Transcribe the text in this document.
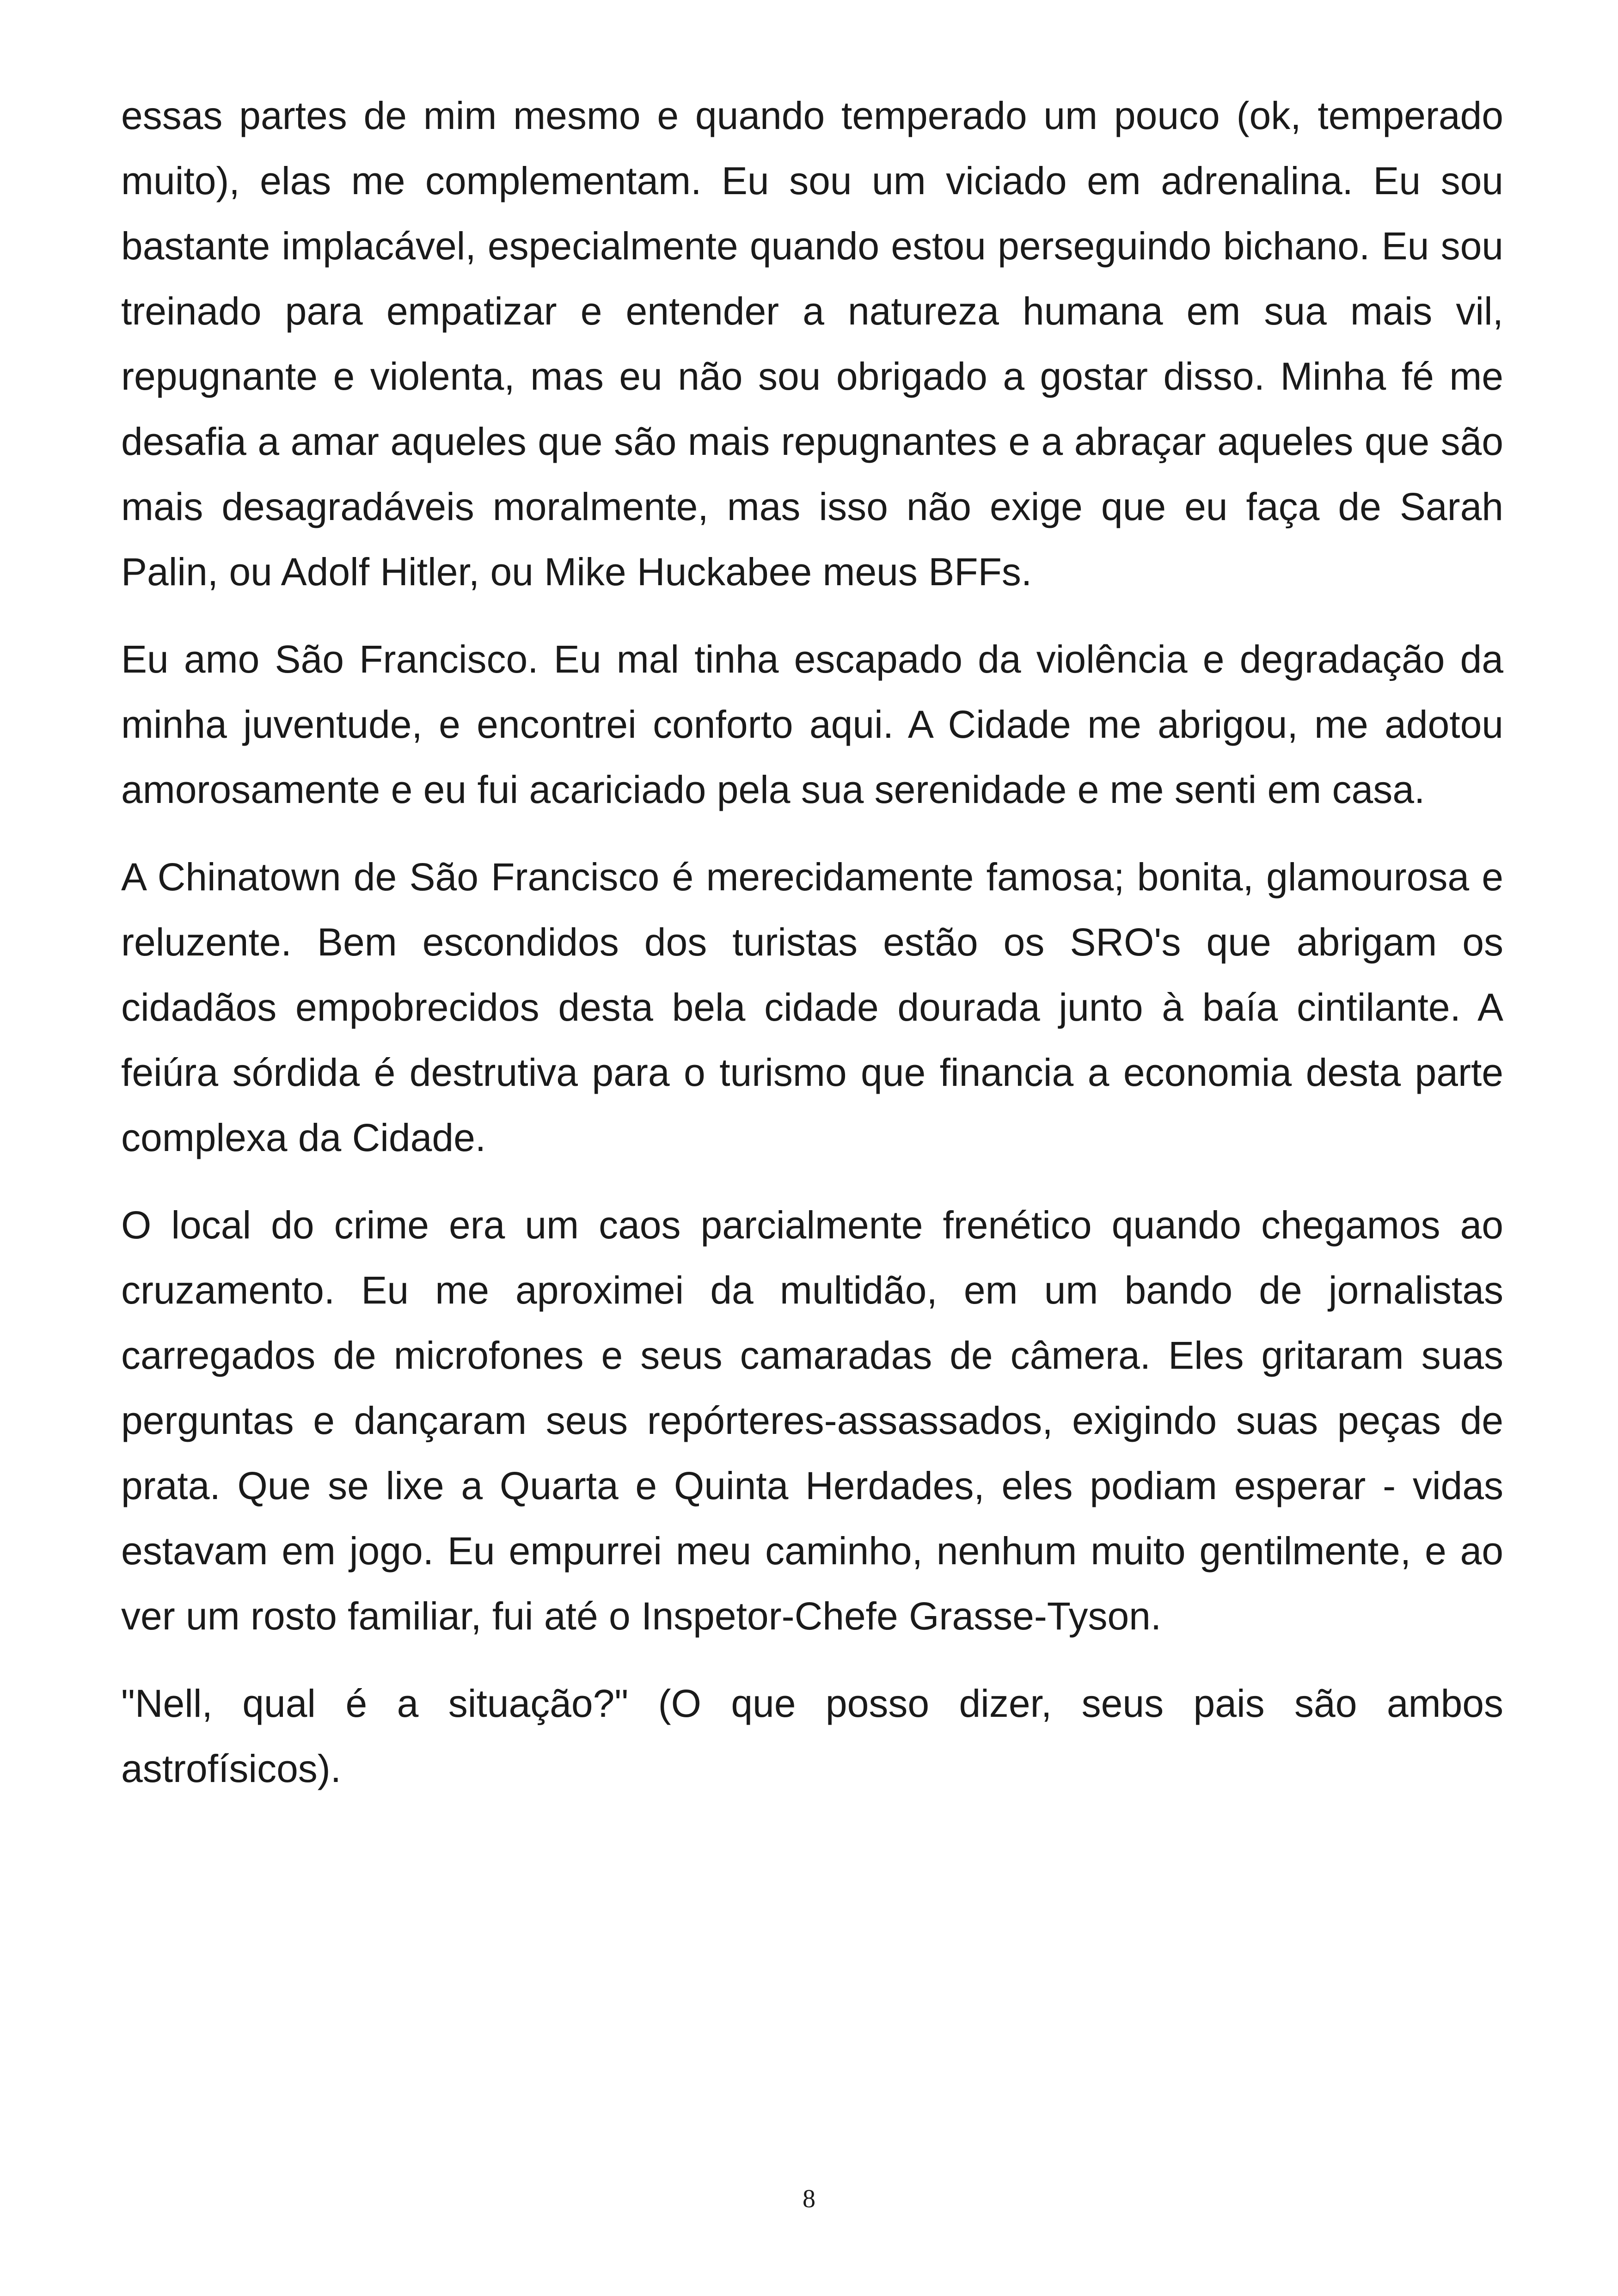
essas partes de mim mesmo e quando temperado um pouco (ok, temperado muito), elas me complementam. Eu sou um viciado em adrenalina. Eu sou bastante implacável, especialmente quando estou perseguindo bichano. Eu sou treinado para empatizar e entender a natureza humana em sua mais vil, repugnante e violenta, mas eu não sou obrigado a gostar disso. Minha fé me desafia a amar aqueles que são mais repugnantes e a abraçar aqueles que são mais desagradáveis moralmente, mas isso não exige que eu faça de Sarah Palin, ou Adolf Hitler, ou Mike Huckabee meus BFFs.

Eu amo São Francisco. Eu mal tinha escapado da violência e degradação da minha juventude, e encontrei conforto aqui. A Cidade me abrigou, me adotou amorosamente e eu fui acariciado pela sua serenidade e me senti em casa.

A Chinatown de São Francisco é merecidamente famosa; bonita, glamourosa e reluzente. Bem escondidos dos turistas estão os SRO's que abrigam os cidadãos empobrecidos desta bela cidade dourada junto à baía cintilante. A feiúra sórdida é destrutiva para o turismo que financia a economia desta parte complexa da Cidade.

O local do crime era um caos parcialmente frenético quando chegamos ao cruzamento. Eu me aproximei da multidão, em um bando de jornalistas carregados de microfones e seus camaradas de câmera. Eles gritaram suas perguntas e dançaram seus repórteres-assassados, exigindo suas peças de prata. Que se lixe a Quarta e Quinta Herdades, eles podiam esperar - vidas estavam em jogo. Eu empurrei meu caminho, nenhum muito gentilmente, e ao ver um rosto familiar, fui até o Inspetor-Chefe Grasse-Tyson.

"Nell, qual é a situação?" (O que posso dizer, seus pais são ambos astrofísicos).

8
